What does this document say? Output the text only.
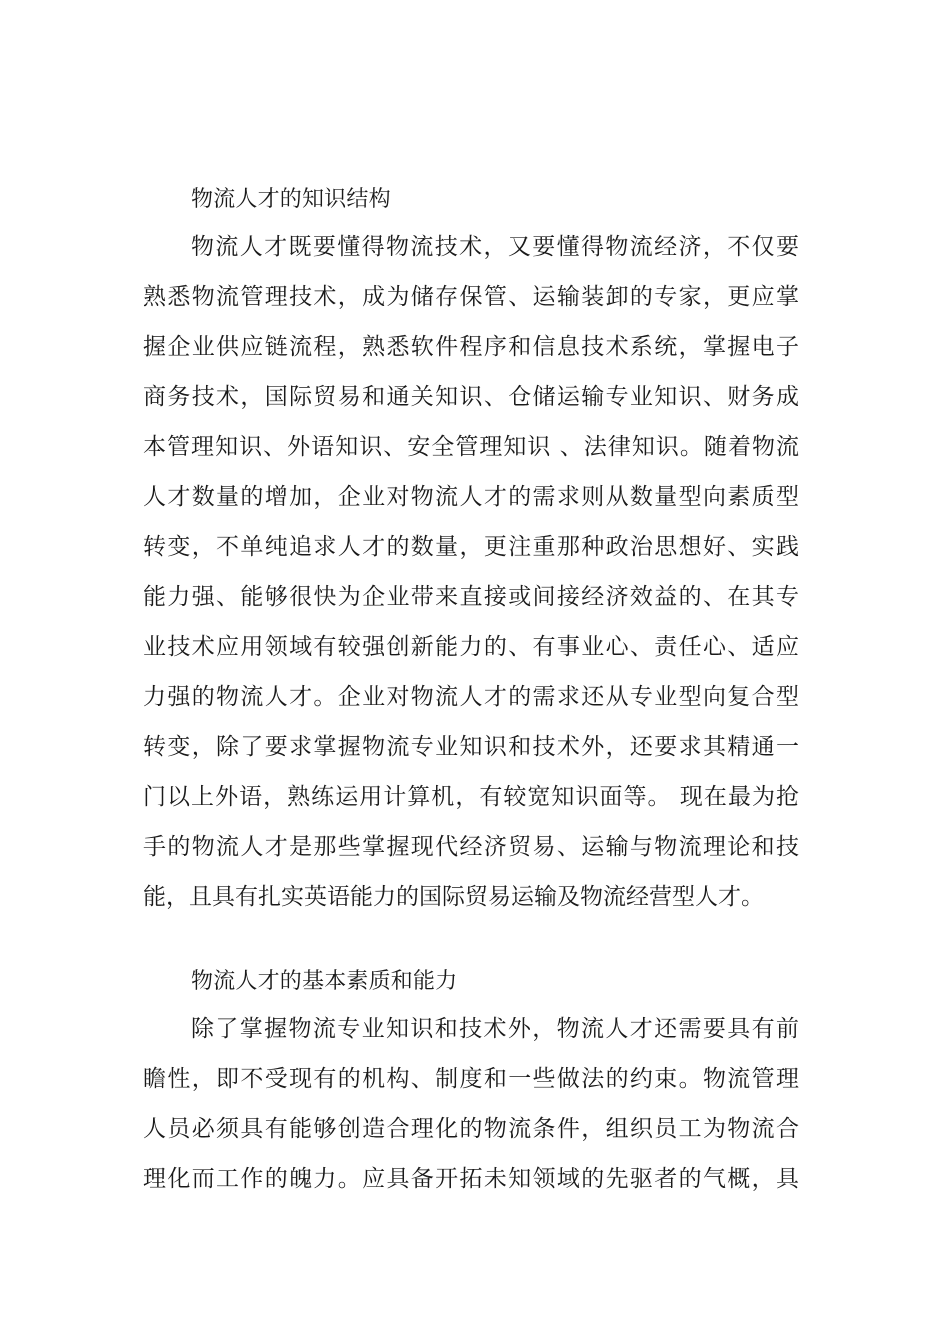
物流人才的知识结构
物流人才既要懂得物流技术，又要懂得物流经济，不仅要
熟悉物流管理技术，成为储存保管、运输装卸的专家，更应掌
握企业供应链流程，熟悉软件程序和信息技术系统，掌握电子
商务技术，国际贸易和通关知识、仓储运输专业知识、财务成
本管理知识、外语知识、安全管理知识 、法律知识。随着物流
人才数量的增加，企业对物流人才的需求则从数量型向素质型
转变，不单纯追求人才的数量，更注重那种政治思想好、实践
能力强、能够很快为企业带来直接或间接经济效益的、在其专
业技术应用领域有较强创新能力的、有事业心、责任心、适应
力强的物流人才。企业对物流人才的需求还从专业型向复合型
转变，除了要求掌握物流专业知识和技术外，还要求其精通一
门以上外语，熟练运用计算机，有较宽知识面等。 现在最为抢
手的物流人才是那些掌握现代经济贸易、运输与物流理论和技
能，且具有扎实英语能力的国际贸易运输及物流经营型人才。
物流人才的基本素质和能力
除了掌握物流专业知识和技术外，物流人才还需要具有前
瞻性，即不受现有的机构、制度和一些做法的约束。物流管理
人员必须具有能够创造合理化的物流条件，组织员工为物流合
理化而工作的魄力。应具备开拓未知领域的先驱者的气概，具
